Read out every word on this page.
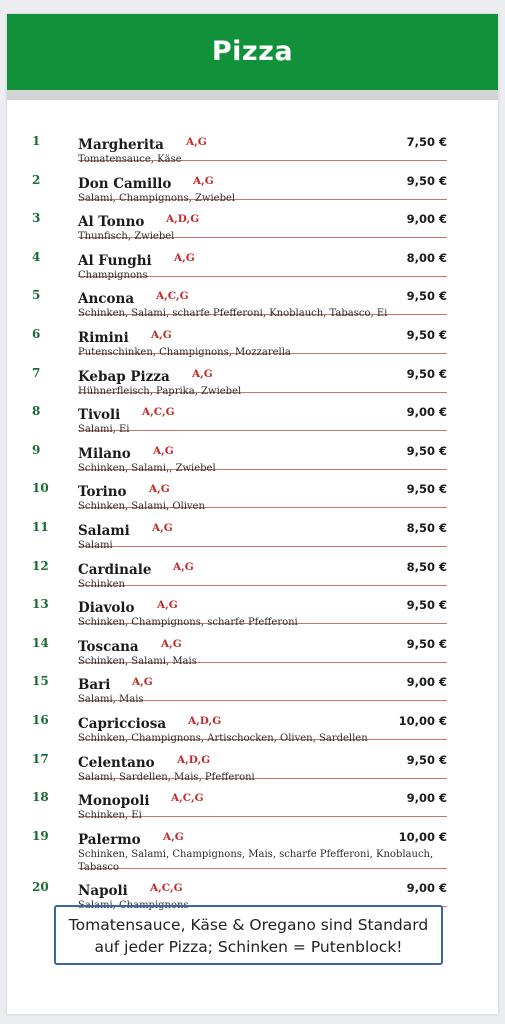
Pizza
1	Margherita A,G	7,50 €
Tomatensauce, Käse
2	Don Camillo A,G	9,50 €
Salami, Champignons, Zwiebel
3	Al Tonno A,D,G	9,00 €
Thunfisch, Zwiebel
4	Al Funghi A,G	8,00 €
Champignons
5	Ancona A,C,G	9,50 €
Schinken, Salami, scharfe Pfefferoni, Knoblauch, Tabasco, Ei
6	Rimini A,G	9,50 €
Putenschinken, Champignons, Mozzarella
7	Kebap Pizza A,G	9,50 €
Hühnerfleisch, Paprika, Zwiebel
8	Tivoli A,C,G	9,00 €
Salami, Ei
9	Milano A,G	9,50 €
Schinken, Salami,, Zwiebel
10	Torino A,G	9,50 €
Schinken, Salami, Oliven
11	Salami A,G	8,50 €
Salami
12	Cardinale A,G	8,50 €
Schinken
13	Diavolo A,G	9,50 €
Schinken, Champignons, scharfe Pfefferoni
14	Toscana A,G	9,50 €
Schinken, Salami, Mais
15	Bari A,G	9,00 €
Salami, Mais
16	Capricciosa A,D,G	10,00 €
Schinken, Champignons, Artischocken, Oliven, Sardellen
17	Celentano A,D,G	9,50 €
Salami, Sardellen, Mais, Pfefferoni
18	Monopoli A,C,G	9,00 €
Schinken, Ei
19	Palermo A,G	10,00 €
Schinken, Salami, Champignons, Mais, scharfe Pfefferoni, Knoblauch, Tabasco
20	Napoli A,C,G	9,00 €
Salami, Champignons
Tomatensauce, Käse & Oregano sind Standard
auf jeder Pizza; Schinken = Putenblock!
